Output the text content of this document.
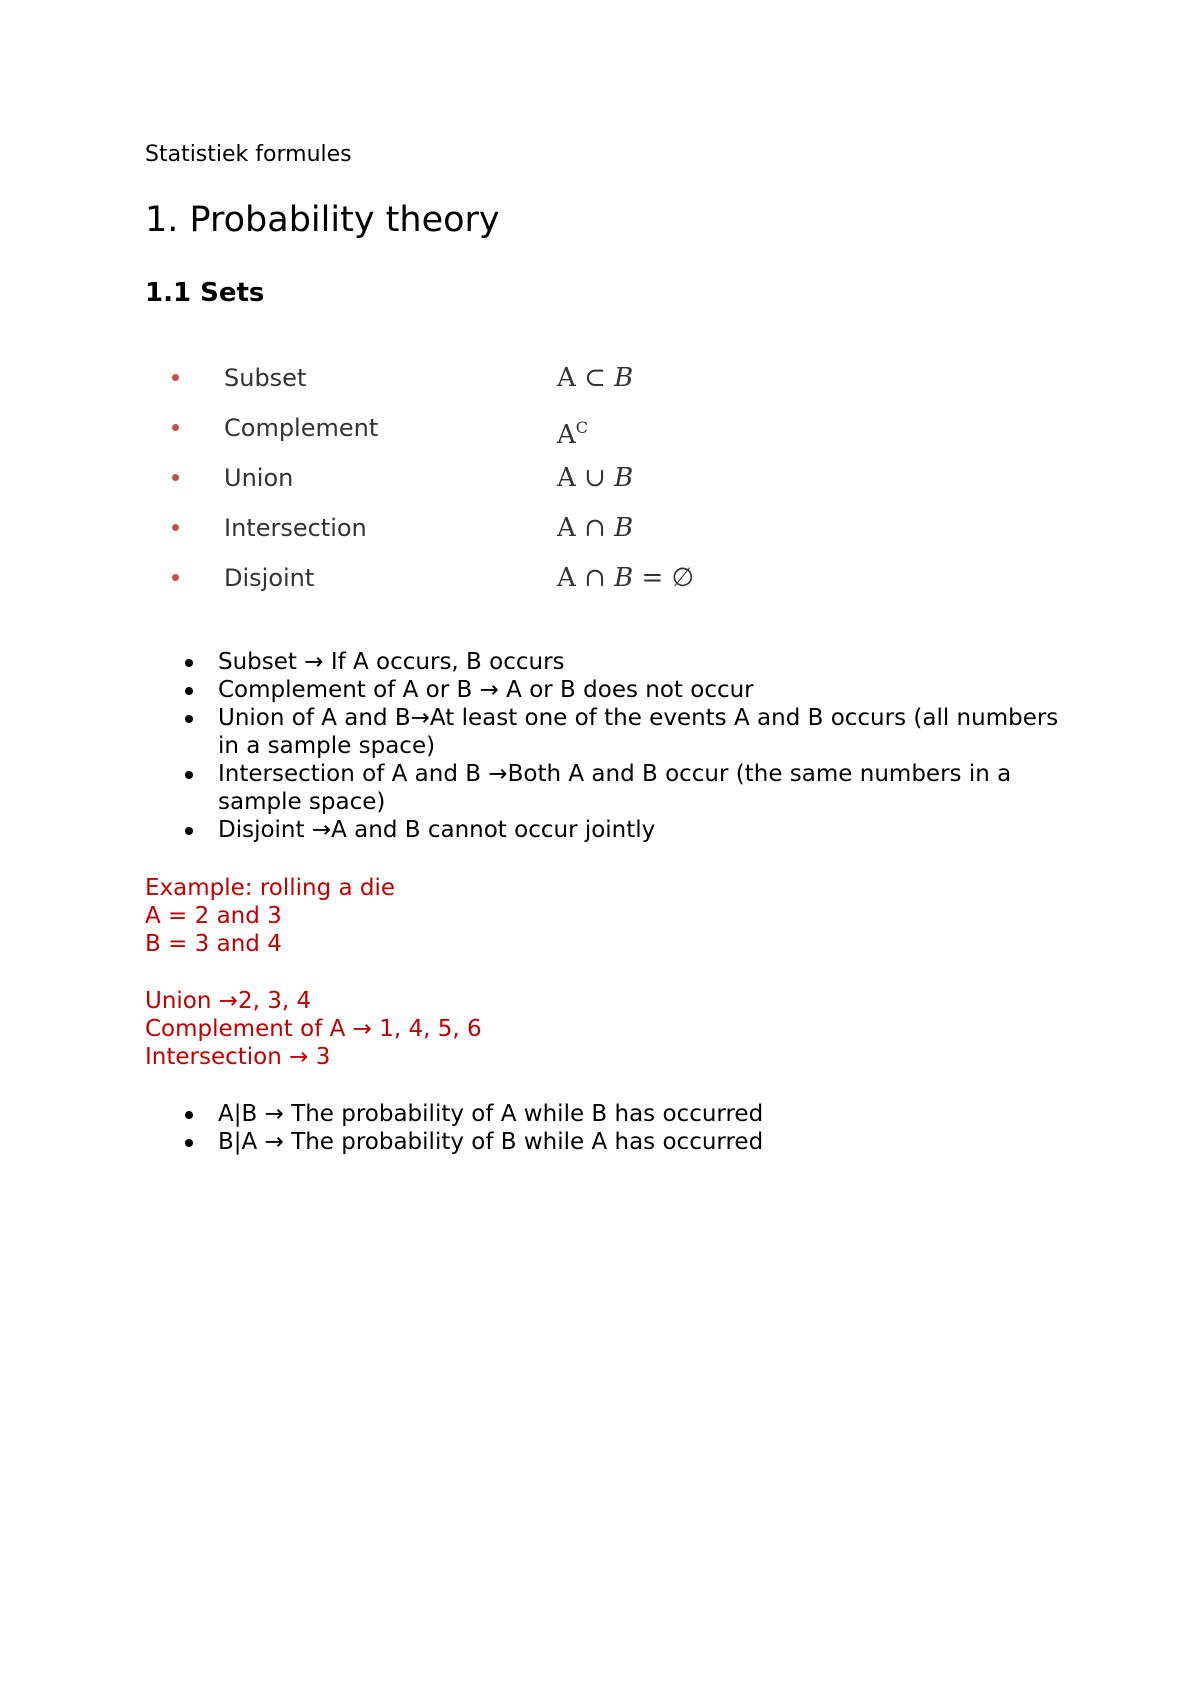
Statistiek formules
1. Probability theory
1.1 Sets
Subset	A ⊂ B
Complement	$A^C$
Union	A ∪ B
Intersection	A ∩ B
Disjoint	A ∩ B = ∅
Subset → If A occurs, B occurs
Complement of A or B → A or B does not occur
Union of A and B→At least one of the events A and B occurs (all numbers in a sample space)
Intersection of A and B →Both A and B occur (the same numbers in a sample space)
Disjoint →A and B cannot occur jointly
Example: rolling a die
A = 2 and 3
B = 3 and 4
Union →2, 3, 4
Complement of A → 1, 4, 5, 6
Intersection → 3
A|B → The probability of A while B has occurred
B|A → The probability of B while A has occurred
